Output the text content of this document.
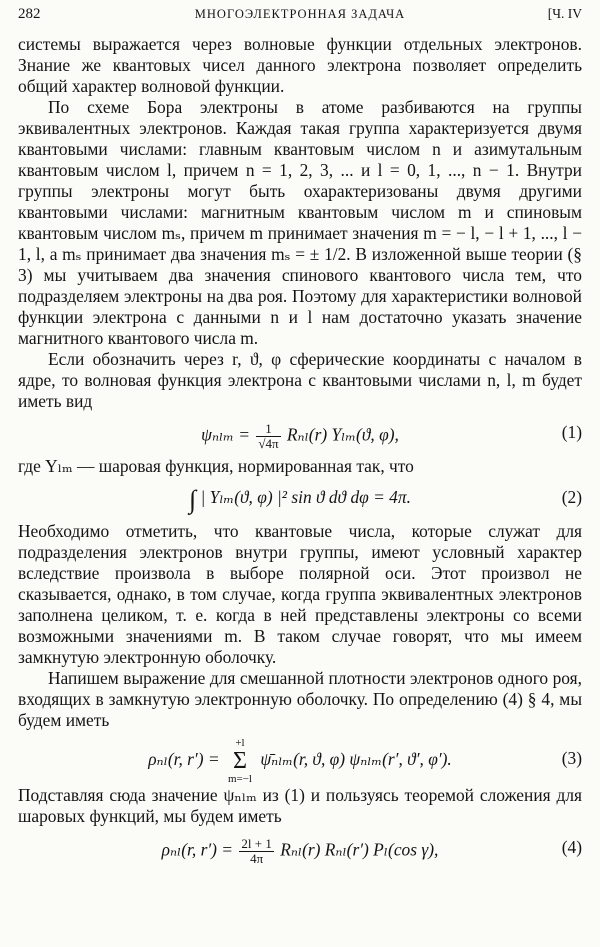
282	МНОГОЭЛЕКТРОННАЯ ЗАДАЧА	[Ч. IV

системы выражается через волновые функции отдельных электронов. Знание же квантовых чисел данного электрона позволяет определить общий характер волновой функции.

По схеме Бора электроны в атоме разбиваются на группы эквивалентных электронов. Каждая такая группа характеризуется двумя квантовыми числами: главным квантовым числом n и азимутальным квантовым числом l, причем n = 1, 2, 3, ... и l = 0, 1, ..., n − 1. Внутри группы электроны могут быть охарактеризованы двумя другими квантовыми числами: магнитным квантовым числом m и спиновым квантовым числом mₛ, причем m принимает значения m = − l, − l + 1, ..., l − 1, l, а mₛ принимает два значения mₛ = ± 1/2. В изложенной выше теории (§ 3) мы учитываем два значения спинового квантового числа тем, что подразделяем электроны на два роя. Поэтому для характеристики волновой функции электрона с данными n и l нам достаточно указать значение магнитного квантового числа m.

Если обозначить через r, ϑ, φ сферические координаты с началом в ядре, то волновая функция электрона с квантовыми числами n, l, m будет иметь вид

$\psi_{nlm} = \frac{1}{√4\pi} R_{nl}(r)$ Yₗₘ(ϑ, φ),	(1)

где Yₗₘ — шаровая функция, нормированная так, что

∫ | Yₗₘ(ϑ, φ) |² sin ϑ dϑ dφ = 4π.	(2)

Необходимо отметить, что квантовые числа, которые служат для подразделения электронов внутри группы, имеют условный характер вследствие произвола в выборе полярной оси. Этот произвол не сказывается, однако, в том случае, когда группа эквивалентных электронов заполнена целиком, т. е. когда в ней представлены электроны со всеми возможными значениями m. В таком случае говорят, что мы имеем замкнутую электронную оболочку.

Напишем выражение для смешанной плотности электронов одного роя, входящих в замкнутую электронную оболочку. По определению (4) § 4, мы будем иметь

ρₙₗ(r, r′) = +l
Σ
m=−l ψ̄ₙₗₘ(r, ϑ, φ) ψₙₗₘ(r′, ϑ′, φ′).	(3)

Подставляя сюда значение ψₙₗₘ из (1) и пользуясь теоремой сложения для шаровых функций, мы будем иметь

ρₙₗ(r, $r') = \frac{2l + 1}{4\pi} R_{nl}(r)$ Rₙₗ(r′) Pₗ(cos γ),	(4)
